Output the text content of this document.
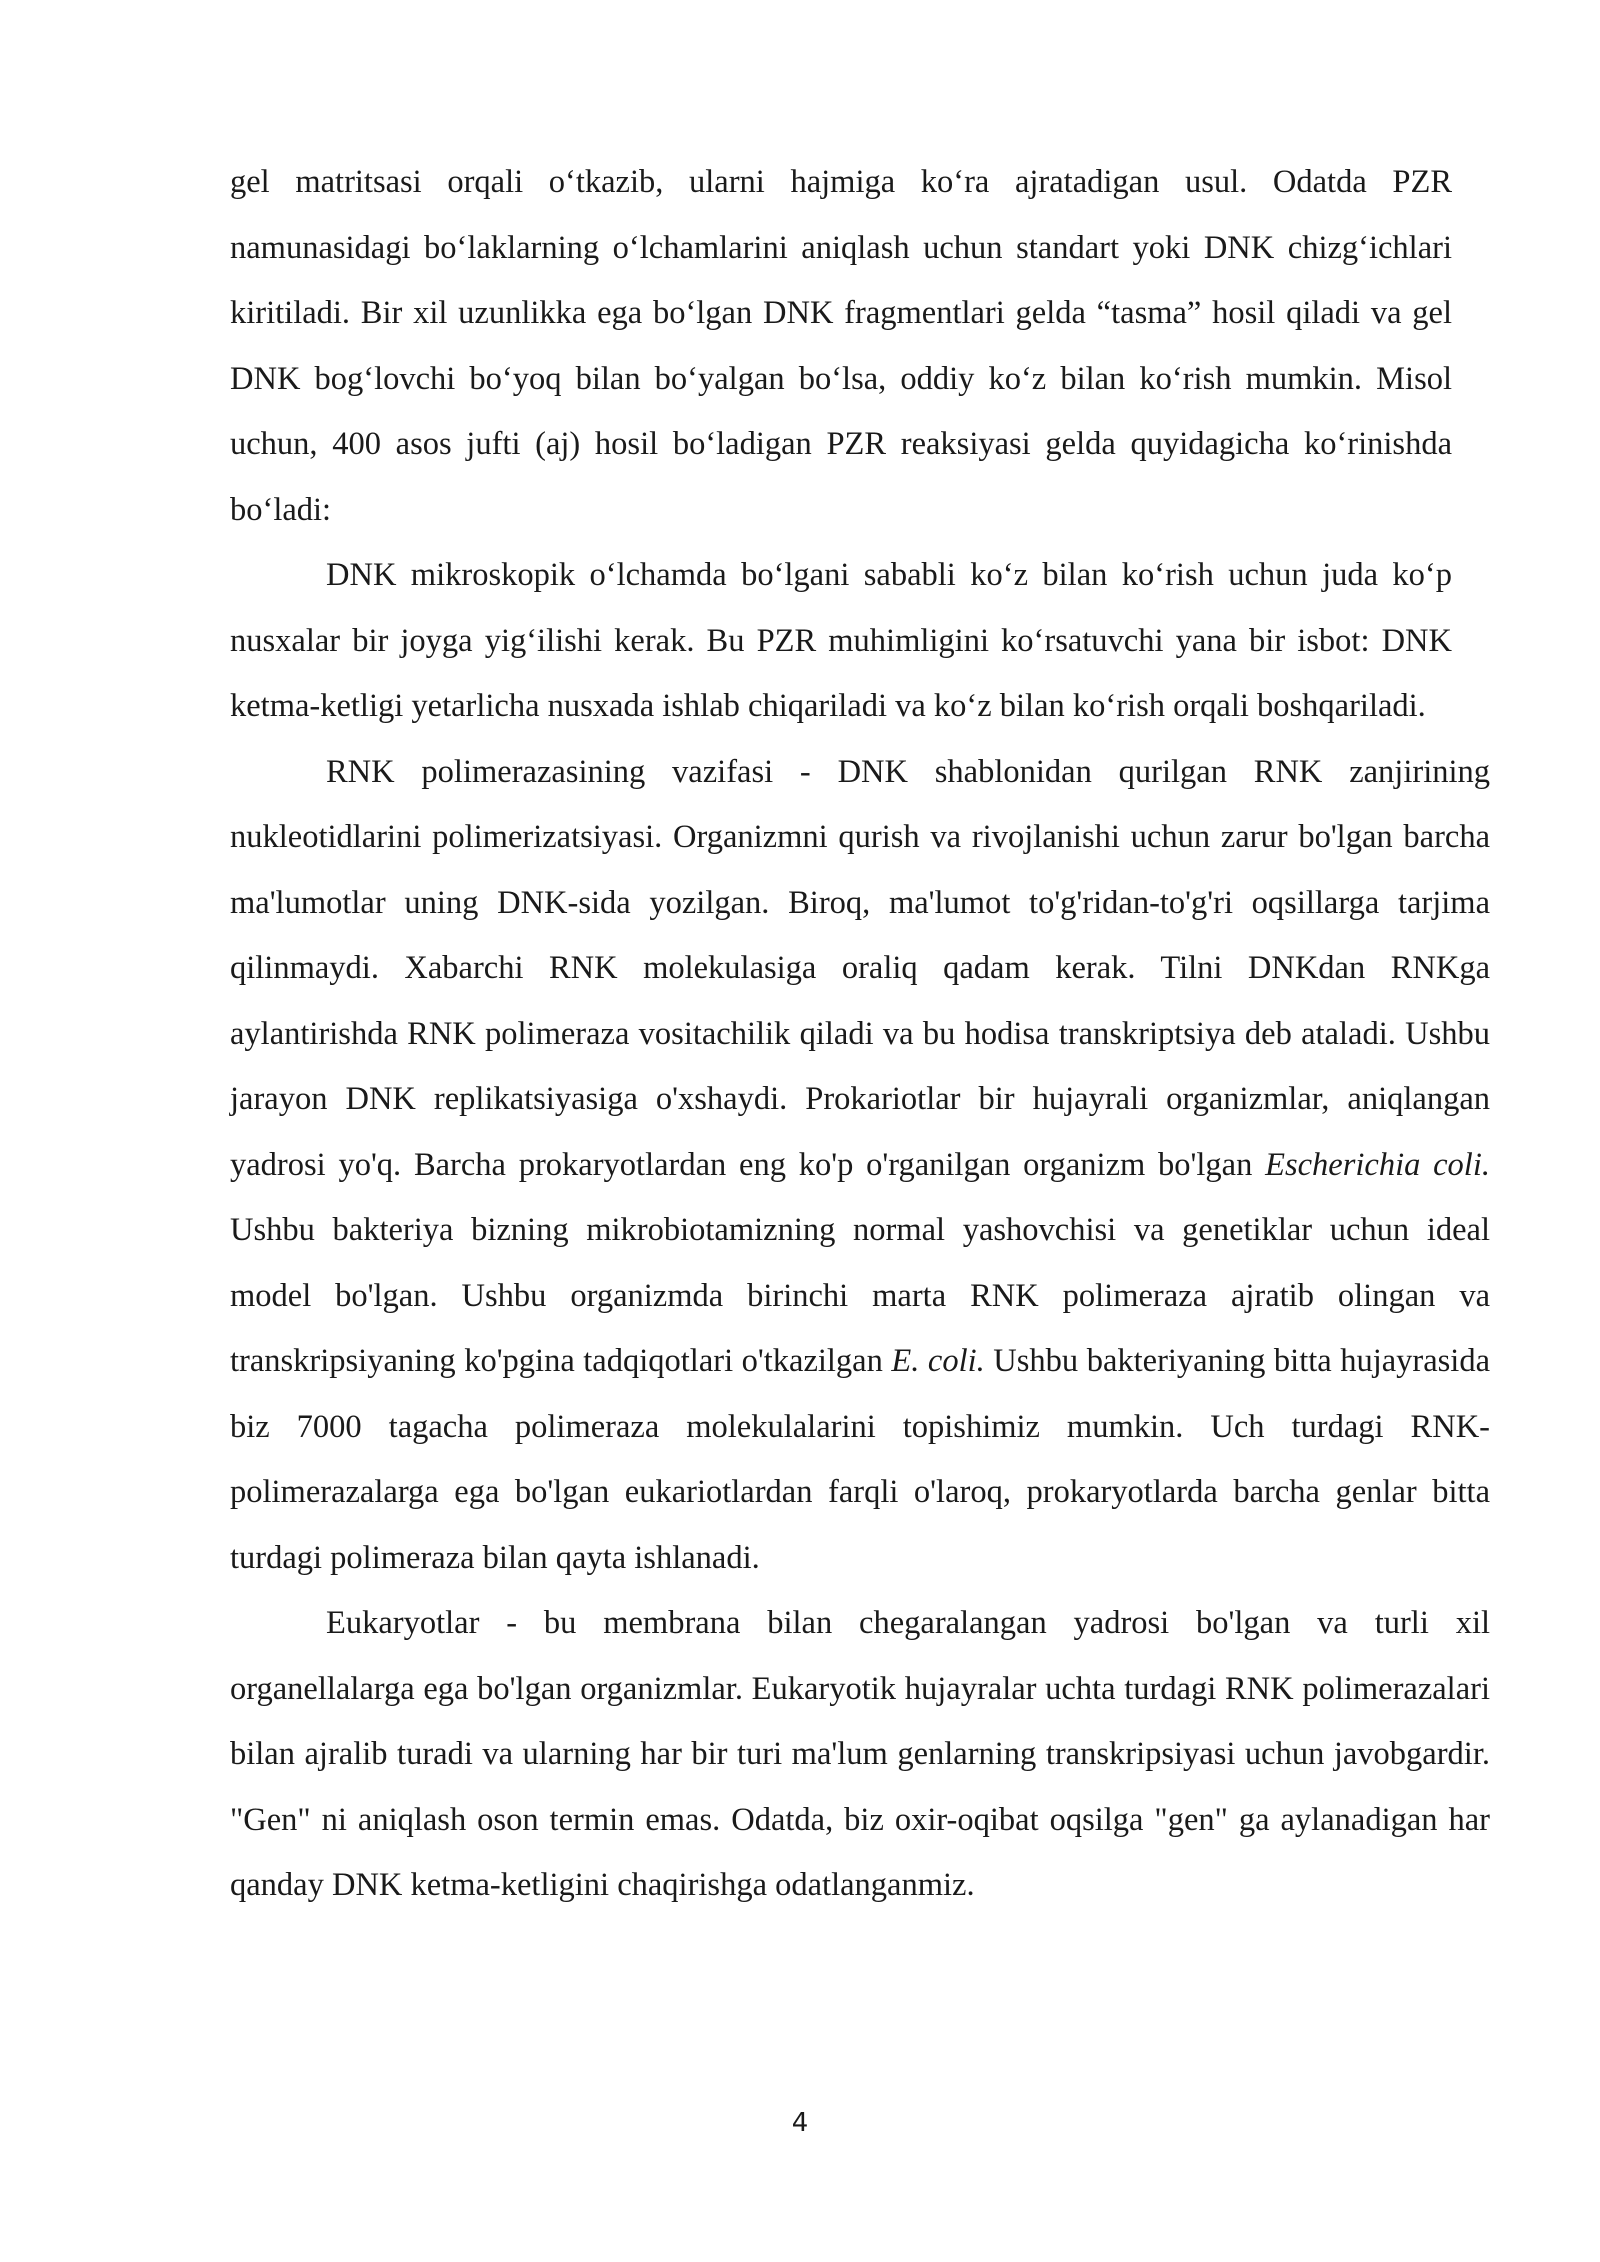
gel matritsasi orqali oʻtkazib, ularni hajmiga koʻra ajratadigan usul. Odatda PZR namunasidagi boʻlaklarning oʻlchamlarini aniqlash uchun standart yoki DNK chizgʻichlari kiritiladi. Bir xil uzunlikka ega boʻlgan DNK fragmentlari gelda “tasma” hosil qiladi va gel DNK bogʻlovchi boʻyoq bilan boʻyalgan boʻlsa, oddiy koʻz bilan koʻrish mumkin. Misol uchun, 400 asos jufti (aj) hosil boʻladigan PZR reaksiyasi gelda quyidagicha koʻrinishda boʻladi:

DNK mikroskopik oʻlchamda boʻlgani sababli koʻz bilan koʻrish uchun juda koʻp nusxalar bir joyga yigʻilishi kerak. Bu PZR muhimligini koʻrsatuvchi yana bir isbot: DNK ketma-ketligi yetarlicha nusxada ishlab chiqariladi va koʻz bilan koʻrish orqali boshqariladi.

RNK polimerazasining vazifasi - DNK shablonidan qurilgan RNK zanjirining nukleotidlarini polimerizatsiyasi. Organizmni qurish va rivojlanishi uchun zarur bo'lgan barcha ma'lumotlar uning DNK-sida yozilgan. Biroq, ma'lumot to'g'ridan-to'g'ri oqsillarga tarjima qilinmaydi. Xabarchi RNK molekulasiga oraliq qadam kerak. Tilni DNKdan RNKga aylantirishda RNK polimeraza vositachilik qiladi va bu hodisa transkriptsiya deb ataladi. Ushbu jarayon DNK replikatsiyasiga o'xshaydi. Prokariotlar bir hujayrali organizmlar, aniqlangan yadrosi yo'q. Barcha prokaryotlardan eng ko'p o'rganilgan organizm bo'lgan Escherichia coli. Ushbu bakteriya bizning mikrobiotamizning normal yashovchisi va genetiklar uchun ideal model bo'lgan. Ushbu organizmda birinchi marta RNK polimeraza ajratib olingan va transkripsiyaning ko'pgina tadqiqotlari o'tkazilgan E. coli. Ushbu bakteriyaning bitta hujayrasida biz 7000 tagacha polimeraza molekulalarini topishimiz mumkin. Uch turdagi RNK-polimerazalarga ega bo'lgan eukariotlardan farqli o'laroq, prokaryotlarda barcha genlar bitta turdagi polimeraza bilan qayta ishlanadi.

Eukaryotlar - bu membrana bilan chegaralangan yadrosi bo'lgan va turli xil organellalarga ega bo'lgan organizmlar. Eukaryotik hujayralar uchta turdagi RNK polimerazalari bilan ajralib turadi va ularning har bir turi ma'lum genlarning transkripsiyasi uchun javobgardir. "Gen" ni aniqlash oson termin emas. Odatda, biz oxir-oqibat oqsilga "gen" ga aylanadigan har qanday DNK ketma-ketligini chaqirishga odatlanganmiz.

4
